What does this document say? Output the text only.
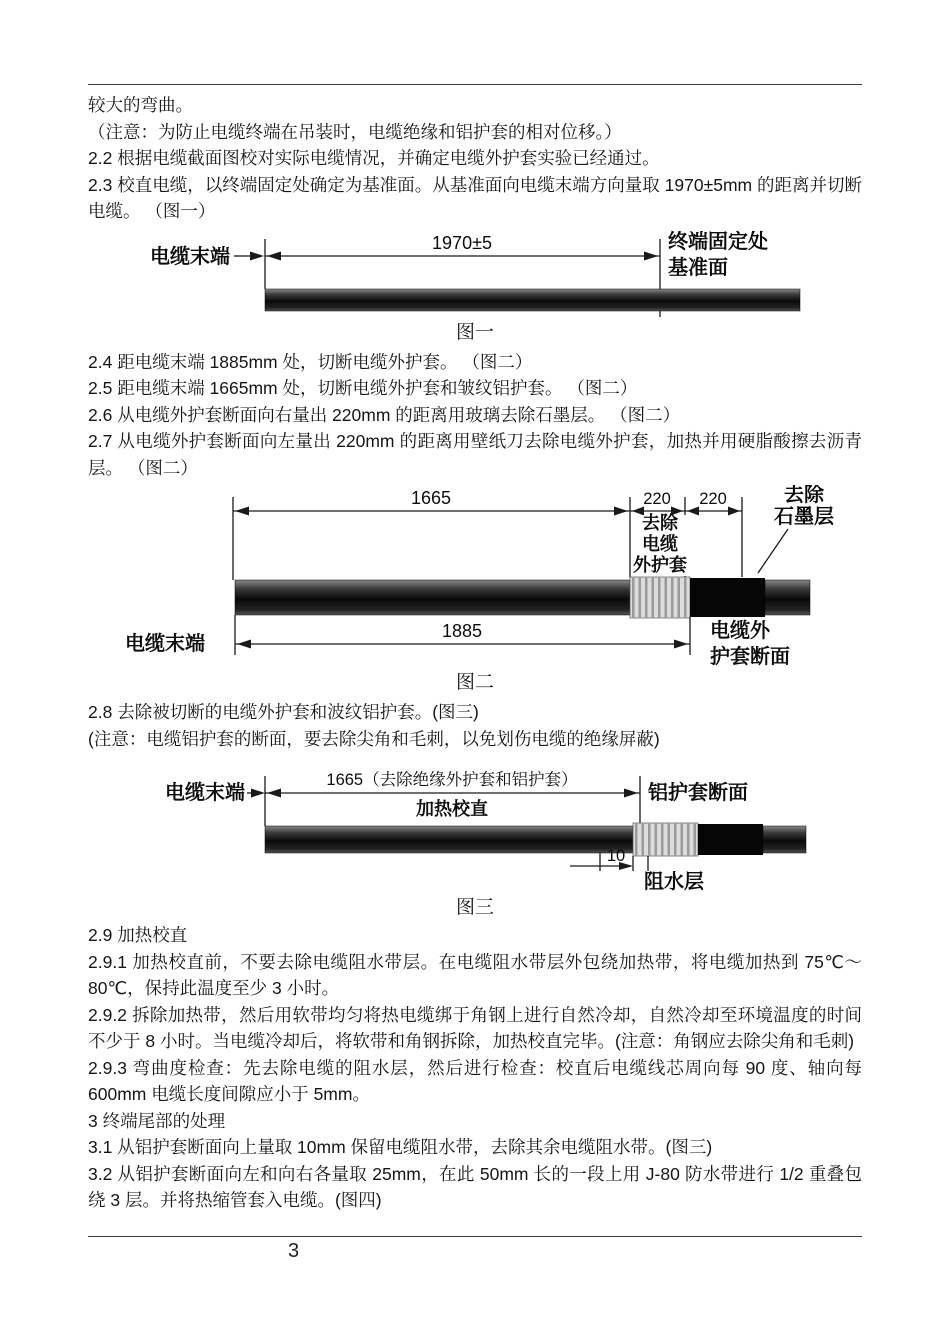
较大的弯曲。

（注意：为防止电缆终端在吊装时，电缆绝缘和铝护套的相对位移。）

2.2 根据电缆截面图校对实际电缆情况，并确定电缆外护套实验已经通过。

2.3 校直电缆，以终端固定处确定为基准面。从基准面向电缆末端方向量取 1970±5mm 的距离并切断电缆。 （图一）

电缆末端
1970±5	终端固定处
基准面
图一

2.4 距电缆末端 1885mm 处，切断电缆外护套。 （图二）

2.5 距电缆末端 1665mm 处，切断电缆外护套和皱纹铝护套。 （图二）

2.6 从电缆外护套断面向右量出 220mm 的距离用玻璃去除石墨层。 （图二）

2.7 从电缆外护套断面向左量出 220mm 的距离用壁纸刀去除电缆外护套，加热并用硬脂酸擦去沥青层。 （图二）

1665	220 220	去除
石墨层
去除
电缆
外护套
1885
电缆末端
电缆外
护套断面
图二

2.8 去除被切断的电缆外护套和波纹铝护套。(图三)

(注意：电缆铝护套的断面，要去除尖角和毛刺，以免划伤电缆的绝缘屏蔽)

电缆末端
1665（去除绝缘外护套和铝护套）
加热校直
铝护套断面
10
阻水层
图三

2.9 加热校直

2.9.1 加热校直前，不要去除电缆阻水带层。在电缆阻水带层外包绕加热带，将电缆加热到 75℃～80℃，保持此温度至少 3 小时。

2.9.2 拆除加热带，然后用软带均匀将热电缆绑于角钢上进行自然冷却，自然冷却至环境温度的时间不少于 8 小时。当电缆冷却后，将软带和角钢拆除，加热校直完毕。(注意：角钢应去除尖角和毛刺)

2.9.3 弯曲度检查：先去除电缆的阻水层，然后进行检查：校直后电缆线芯周向每 90 度、轴向每 600mm 电缆长度间隙应小于 5mm。

3 终端尾部的处理

3.1 从铝护套断面向上量取 10mm 保留电缆阻水带，去除其余电缆阻水带。(图三)

3.2 从铝护套断面向左和向右各量取 25mm，在此 50mm 长的一段上用 J-80 防水带进行 1/2 重叠包绕 3 层。并将热缩管套入电缆。(图四)

3
